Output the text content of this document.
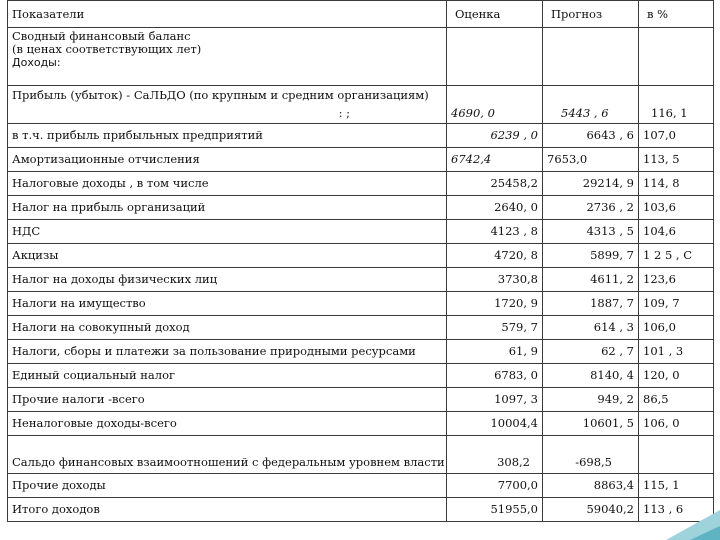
Показатели	Оценка	Прогноз	в %

Сводный финансовый баланс
(в ценах соответствующих лет)
Доходы:			

Прибыль (убыток) - СаЛЬДО (по крупным и средним организациям)
: ;	4690, 0	5443 , 6	116, 1
в т.ч. прибыль прибыльных предприятий	6239 , 0	6643 , 6	107,0
Амортизационные отчисления	6742,4	7653,0	113, 5
Налоговые доходы , в том числе	25458,2	29214, 9	114, 8
Налог на прибыль организаций	2640, 0	2736 , 2	103,6
НДС	4123 , 8	4313 , 5	104,6
Акцизы	4720, 8	5899, 7	1 2 5 , С
Налог на доходы физических лиц	3730,8	4611, 2	123,6
Налоги на имущество	1720, 9	1887, 7	109, 7
Налоги на совокупный доход	579, 7	614 , 3	106,0
Налоги, сборы и платежи за пользование природными ресурсами	61, 9	62 , 7	101 , 3
Единый социальный налог	6783, 0	8140, 4	120, 0
Прочие налоги -всего	1097, 3	949, 2	86,5
Неналоговые доходы-всего	10004,4	10601, 5	106, 0
Сальдо финансовых взаимоотношений с федеральным уровнем власти	308,2	-698,5	
Прочие доходы	7700,0	8863,4	115, 1
Итого доходов	51955,0	59040,2	113 , 6
